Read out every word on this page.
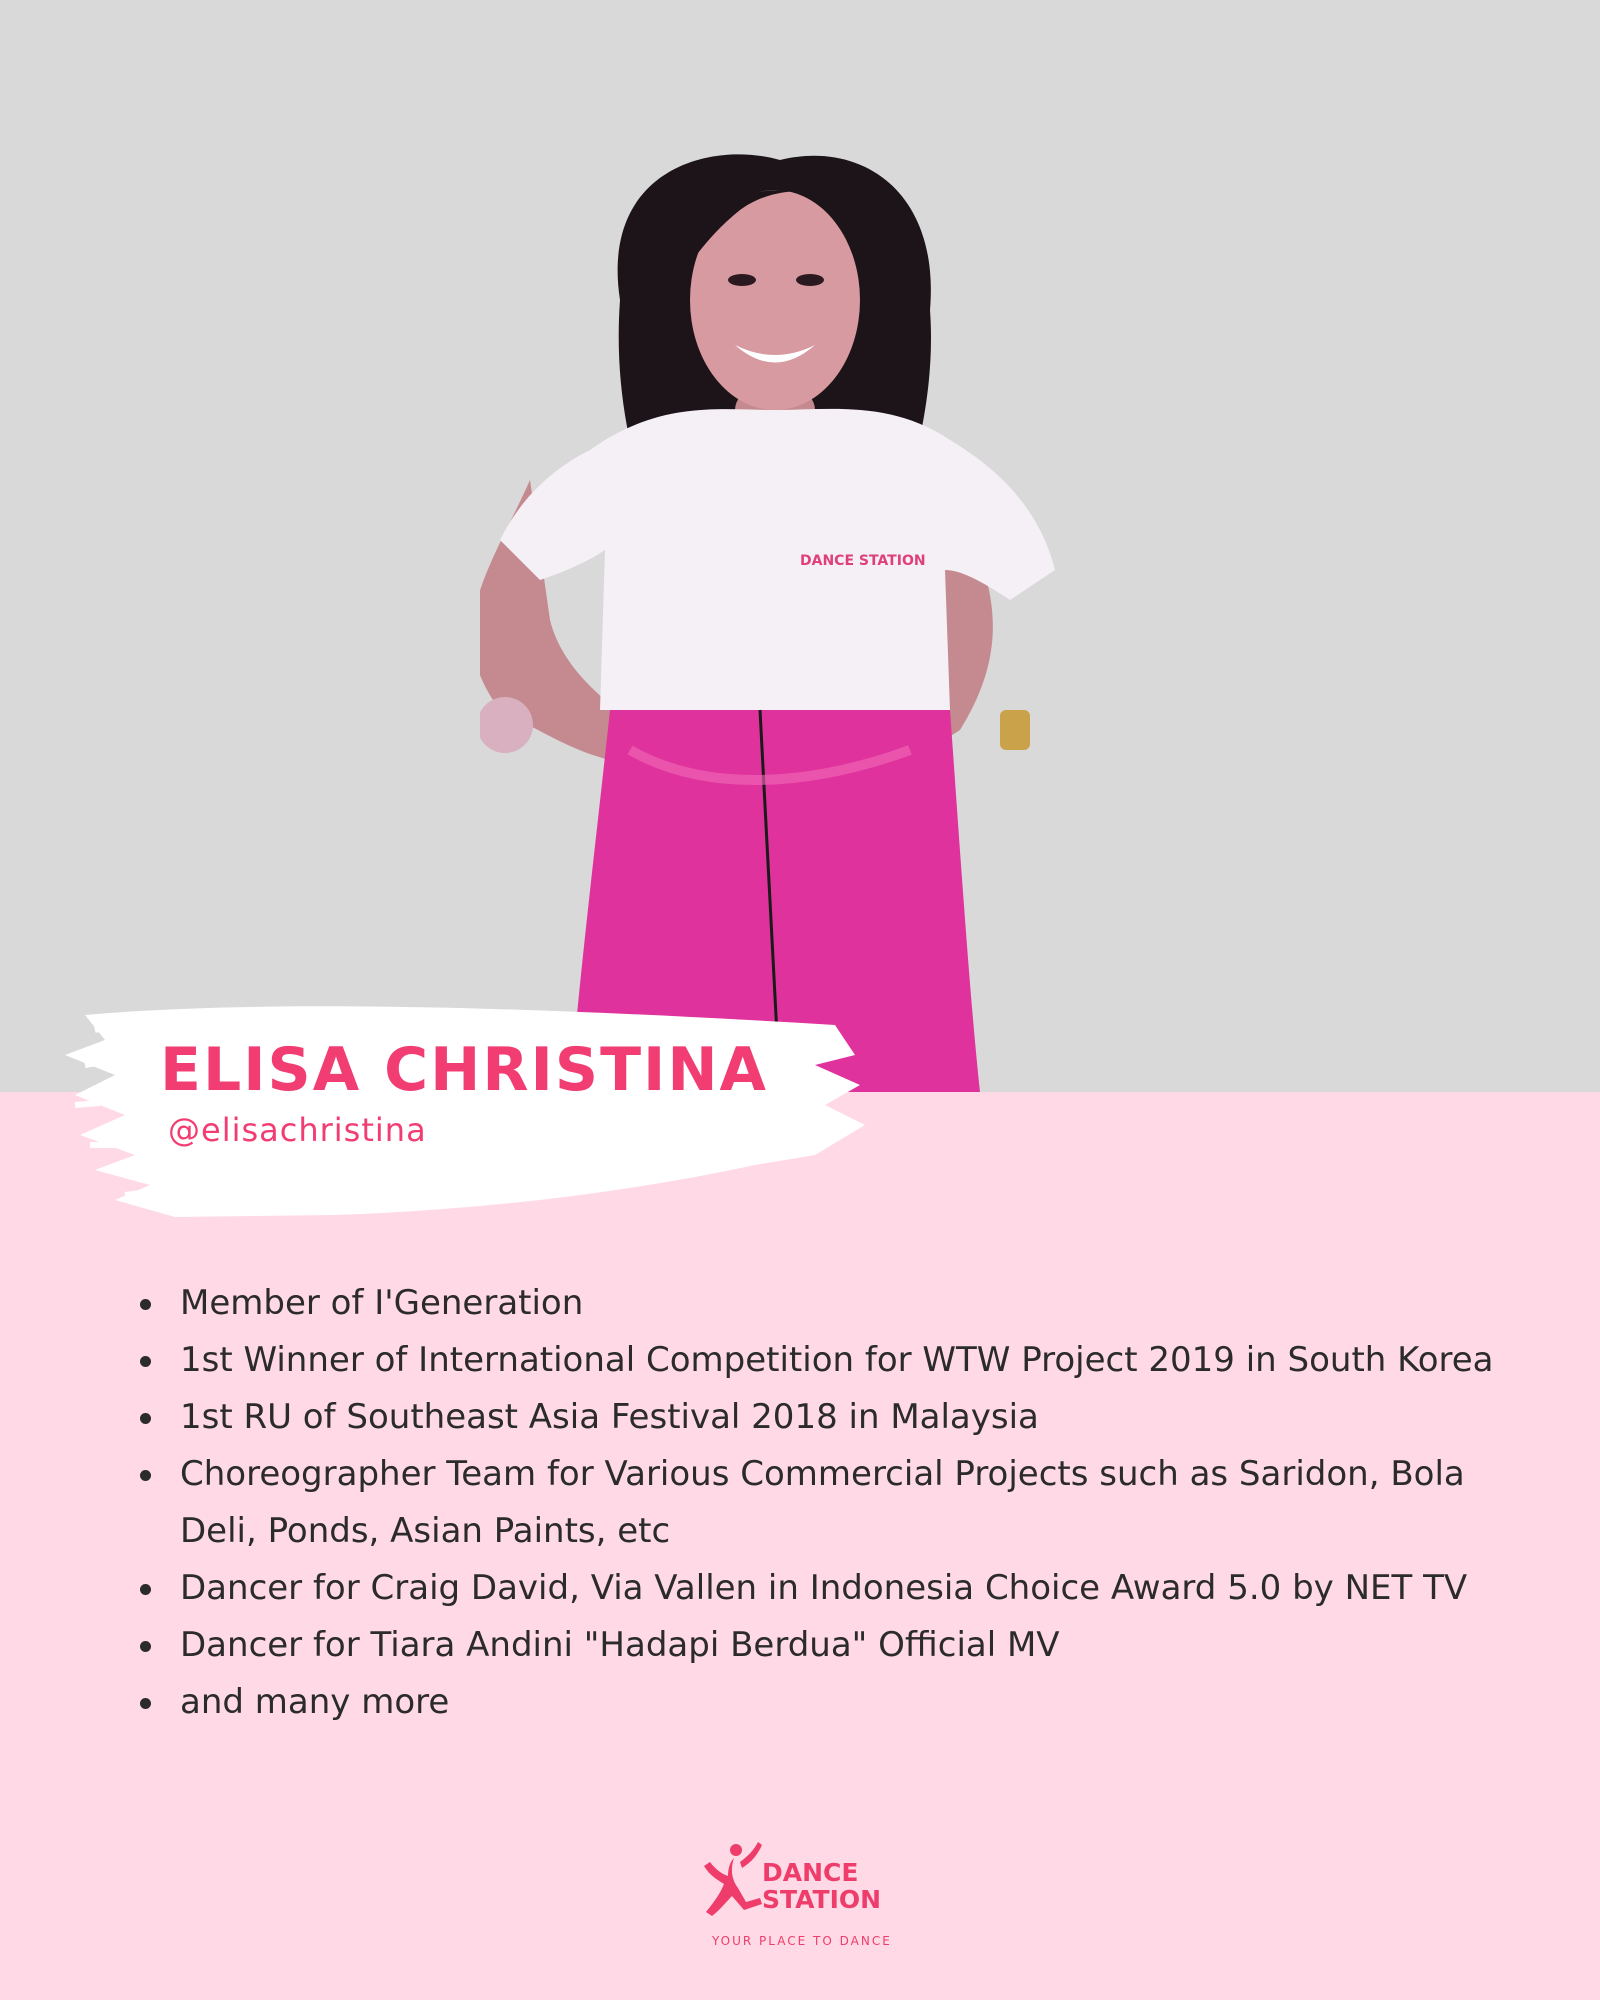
DANCE STATION
ELISA CHRISTINA
@elisachristina
Member of I'Generation
1st Winner of International Competition for WTW Project 2019 in South Korea
1st RU of Southeast Asia Festival 2018 in Malaysia
Choreographer Team for Various Commercial Projects such as Saridon, Bola Deli, Ponds, Asian Paints, etc
Dancer for Craig David, Via Vallen in Indonesia Choice Award 5.0 by NET TV
Dancer for Tiara Andini "Hadapi Berdua" Official MV
and many more
DANCE
STATION
YOUR PLACE TO DANCE
